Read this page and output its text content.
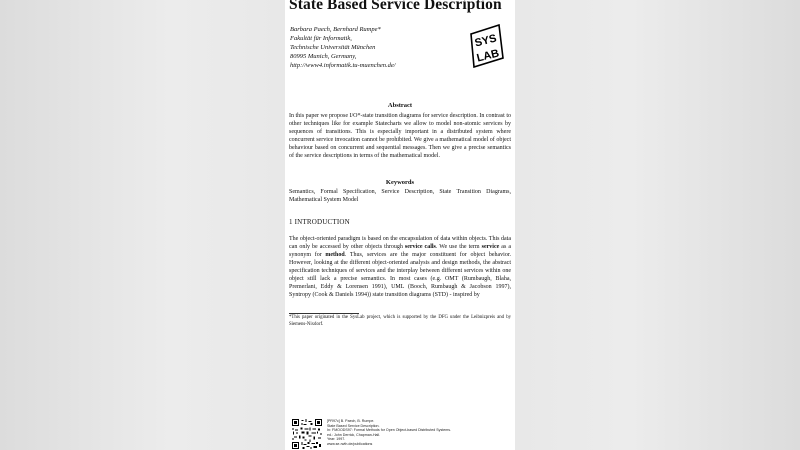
State Based Service Description
Barbara Paech, Bernhard Rumpe*
Fakultät für Informatik,
Technische Universität München
80995 Munich, Germany,
http://www4.informatik.tu-muenchen.de/
SYS
LAB
Abstract
In this paper we propose I/O*-state transition diagrams for service description. In contrast to other techniques like for example Statecharts we allow to model non-atomic services by sequences of transitions. This is especially important in a distributed system where concurrent service invocation cannot be prohibited. We give a mathematical model of object behaviour based on concurrent and sequential messages. Then we give a precise semantics of the service descriptions in terms of the mathematical model.
Keywords
Semantics, Formal Specification, Service Description, State Transition Diagrams, Mathematical System Model
1 INTRODUCTION
The object-oriented paradigm is based on the encapsulation of data within objects. This data can only be accessed by other objects through service calls. We use the term service as a synonym for method. Thus, services are the major constituent for object behavior. However, looking at the different object-oriented analysis and design methods, the abstract specification techniques of services and the interplay between different services within one object still lack a precise semantics. In most cases (e.g. OMT (Rumbaugh, Blaha, Premerlani, Eddy & Lorensen 1991), UML (Booch, Rumbaugh & Jacobson 1997), Syntropy (Cook & Daniels 1994)) state transition diagrams (STD) - inspired by
*This paper originated in the SysLab project, which is supported by the DFG under the Leibnizpreis and by Siemens-Nixdorf.
[PR97c] B. Paech, B. Rumpe.
State Based Service Description.
In: FMOODS97: Formal Methods for Open Object-based Distributed Systems.
ed.: John Derrick, Chapman-Hall.
Year: 1997.
www.se-rwth.de/publications
